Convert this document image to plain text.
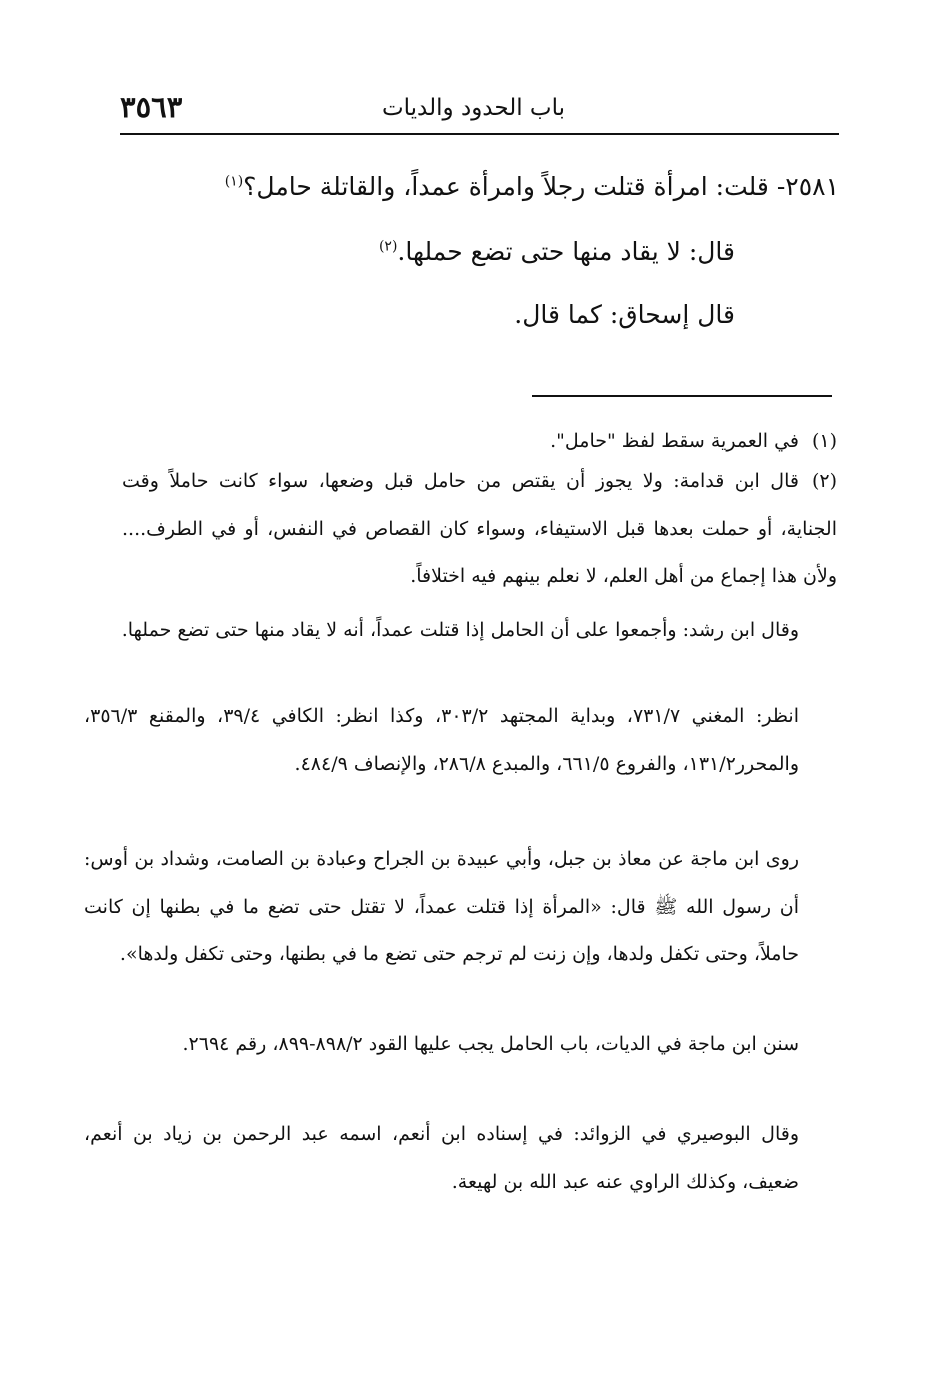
باب الحدود والديات
٣٥٦٣
٢٥٨١- قلت: امرأة قتلت رجلاً وامرأة عمداً، والقاتلة حامل؟$^{(١)}$
قال: لا يقاد منها حتى تضع حملها.$^{(٢)}$
قال إسحاق: كما قال.
(١)في العمرية سقط لفظ "حامل".
(٢)قال ابن قدامة: ولا يجوز أن يقتص من حامل قبل وضعها، سواء كانت حاملاً وقت الجناية، أو حملت بعدها قبل الاستيفاء، وسواء كان القصاص في النفس، أو في الطرف.... ولأن هذا إجماع من أهل العلم، لا نعلم بينهم فيه اختلافاً.
وقال ابن رشد: وأجمعوا على أن الحامل إذا قتلت عمداً، أنه لا يقاد منها حتى تضع حملها.
انظر: المغني ٧٣١/٧، وبداية المجتهد ٣٠٣/٢، وكذا انظر: الكافي ٣٩/٤، والمقنع ٣٥٦/٣، والمحرر١٣١/٢، والفروع ٦٦١/٥، والمبدع ٢٨٦/٨، والإنصاف ٤٨٤/٩.
روى ابن ماجة عن معاذ بن جبل، وأبي عبيدة بن الجراح وعبادة بن الصامت، وشداد بن أوس: أن رسول الله ﷺ قال: «المرأة إذا قتلت عمداً، لا تقتل حتى تضع ما في بطنها إن كانت حاملاً، وحتى تكفل ولدها، وإن زنت لم ترجم حتى تضع ما في بطنها، وحتى تكفل ولدها».
سنن ابن ماجة في الديات، باب الحامل يجب عليها القود ٨٩٨/٢-٨٩٩، رقم ٢٦٩٤.
وقال البوصيري في الزوائد: في إسناده ابن أنعم، اسمه عبد الرحمن بن زياد بن أنعم، ضعيف، وكذلك الراوي عنه عبد الله بن لهيعة.
